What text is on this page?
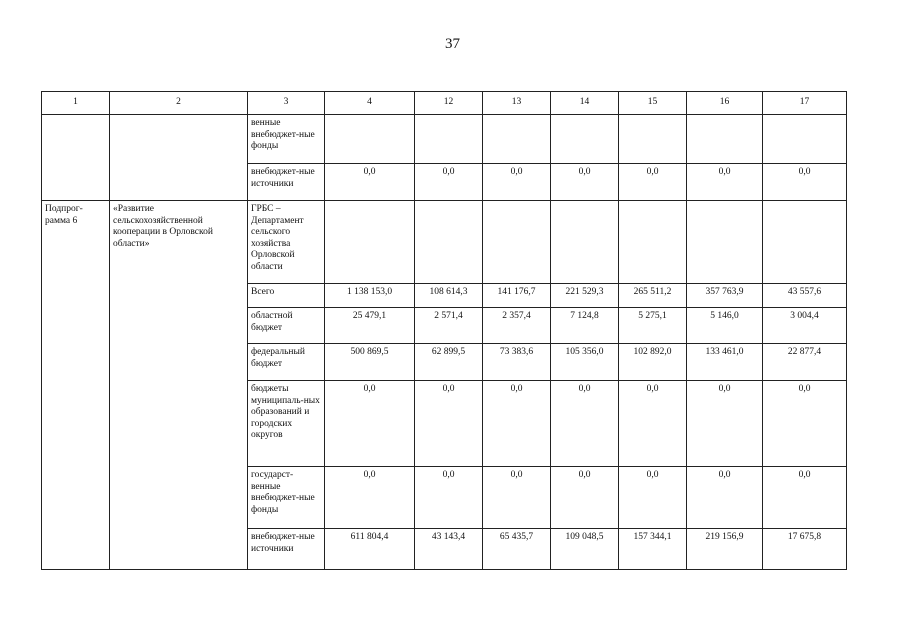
37
1	2	3	4	12	13	14	15	16	17
		венные внебюджет-ные фонды							
		внебюджет-ные источники	0,0	0,0	0,0	0,0	0,0	0,0	0,0
Подпрог-рамма 6	«Развитие сельскохозяйственной кооперации в Орловской области»	ГРБС – Департамент сельского хозяйства Орловской области							
		Всего	1 138 153,0	108 614,3	141 176,7	221 529,3	265 511,2	357 763,9	43 557,6
		областной бюджет	25 479,1	2 571,4	2 357,4	7 124,8	5 275,1	5 146,0	3 004,4
		федеральный бюджет	500 869,5	62 899,5	73 383,6	105 356,0	102 892,0	133 461,0	22 877,4
		бюджеты муниципаль-ных образований и городских округов	0,0	0,0	0,0	0,0	0,0	0,0	0,0
		государст-венные внебюджет-ные фонды	0,0	0,0	0,0	0,0	0,0	0,0	0,0
		внебюджет-ные источники	611 804,4	43 143,4	65 435,7	109 048,5	157 344,1	219 156,9	17 675,8
